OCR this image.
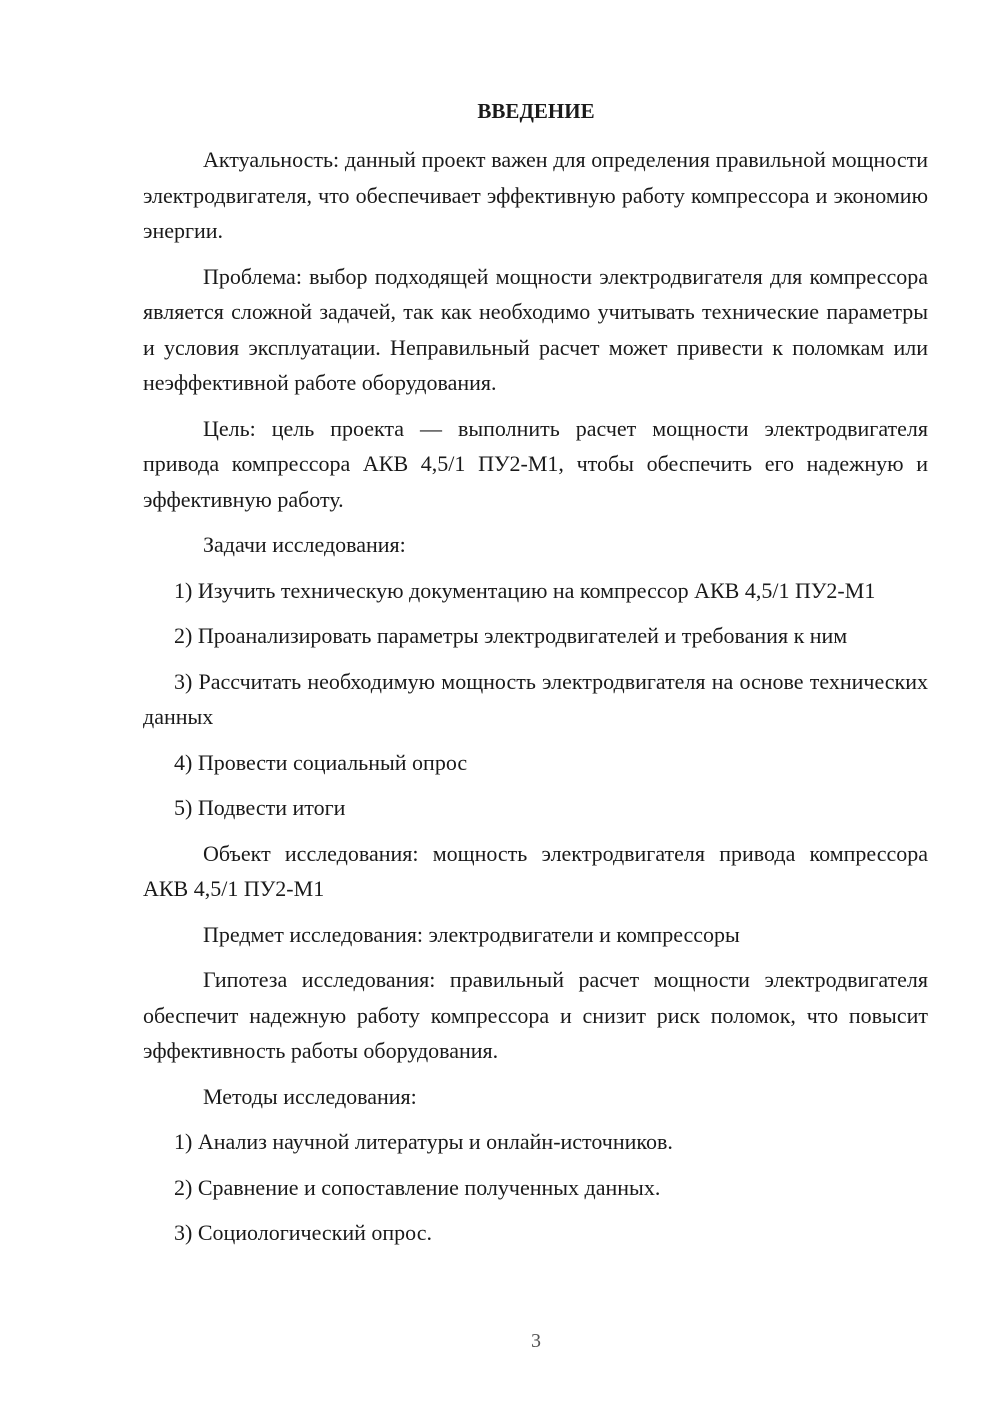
ВВЕДЕНИЕ

Актуальность: данный проект важен для определения правильной мощности электродвигателя, что обеспечивает эффективную работу компрессора и экономию энергии.

Проблема: выбор подходящей мощности электродвигателя для компрессора является сложной задачей, так как необходимо учитывать технические параметры и условия эксплуатации. Неправильный расчет может привести к поломкам или неэффективной работе оборудования.

Цель: цель проекта — выполнить расчет мощности электродвигателя привода компрессора АКВ 4,5/1 ПУ2-М1, чтобы обеспечить его надежную и эффективную работу.

Задачи исследования:

1) Изучить техническую документацию на компрессор АКВ 4,5/1 ПУ2-М1

2) Проанализировать параметры электродвигателей и требования к ним

3) Рассчитать необходимую мощность электродвигателя на основе технических данных

4) Провести социальный опрос

5) Подвести итоги

Объект исследования: мощность электродвигателя привода компрессора АКВ 4,5/1 ПУ2-М1

Предмет исследования: электродвигатели и компрессоры

Гипотеза исследования: правильный расчет мощности электродвигателя обеспечит надежную работу компрессора и снизит риск поломок, что повысит эффективность работы оборудования.

Методы исследования:

1) Анализ научной литературы и онлайн-источников.

2) Сравнение и сопоставление полученных данных.

3) Социологический опрос.

3
